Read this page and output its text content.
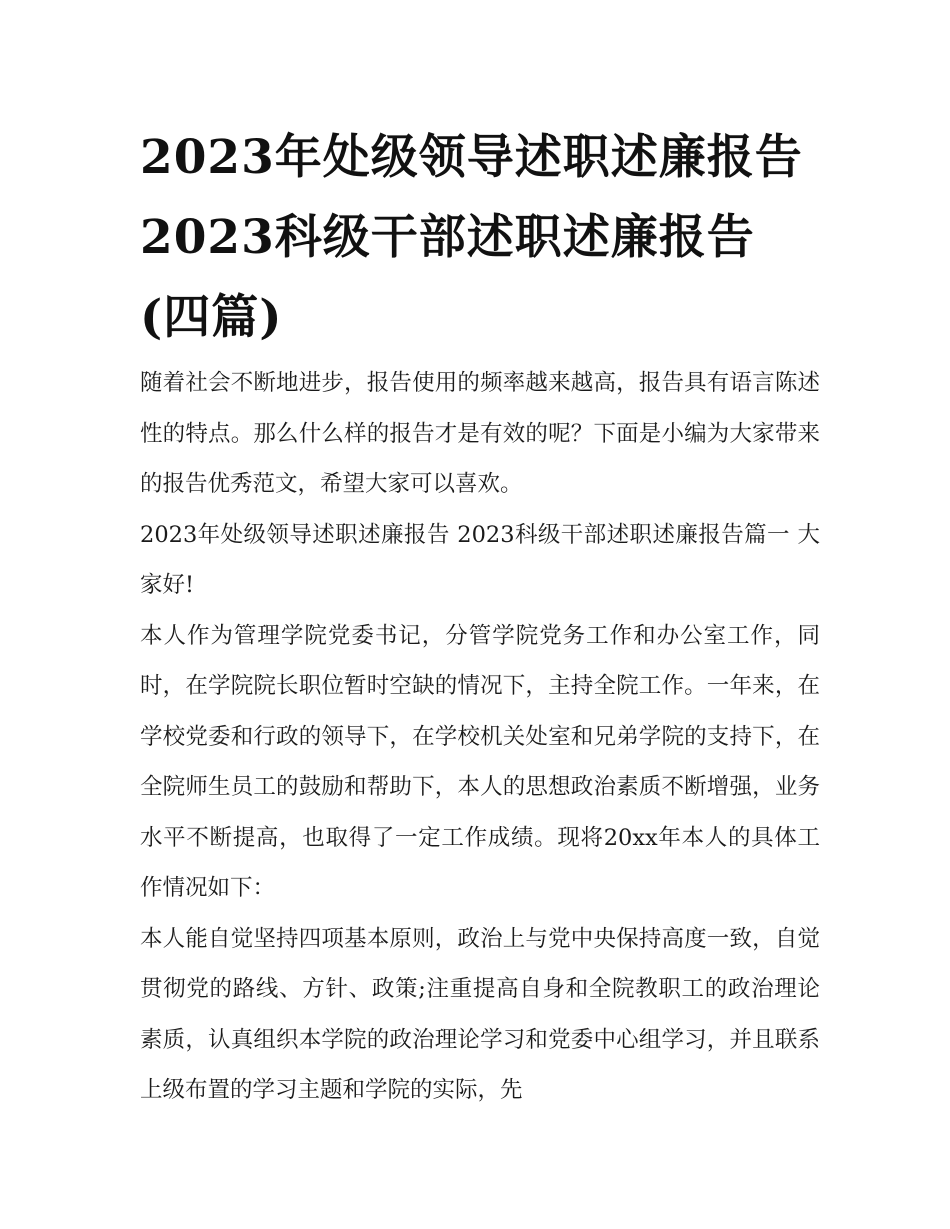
2023年处级领导述职述廉报告
2023科级干部述职述廉报告
(四篇)

随着社会不断地进步，报告使用的频率越来越高，报告具有语言陈述性的特点。那么什么样的报告才是有效的呢？下面是小编为大家带来的报告优秀范文，希望大家可以喜欢。

2023年处级领导述职述廉报告 2023科级干部述职述廉报告篇一 大家好!

本人作为管理学院党委书记，分管学院党务工作和办公室工作，同时，在学院院长职位暂时空缺的情况下，主持全院工作。一年来，在学校党委和行政的领导下，在学校机关处室和兄弟学院的支持下，在全院师生员工的鼓励和帮助下，本人的思想政治素质不断增强，业务水平不断提高，也取得了一定工作成绩。现将20xx年本人的具体工作情况如下：

本人能自觉坚持四项基本原则，政治上与党中央保持高度一致，自觉贯彻党的路线、方针、政策;注重提高自身和全院教职工的政治理论素质，认真组织本学院的政治理论学习和党委中心组学习，并且联系上级布置的学习主题和学院的实际，先
